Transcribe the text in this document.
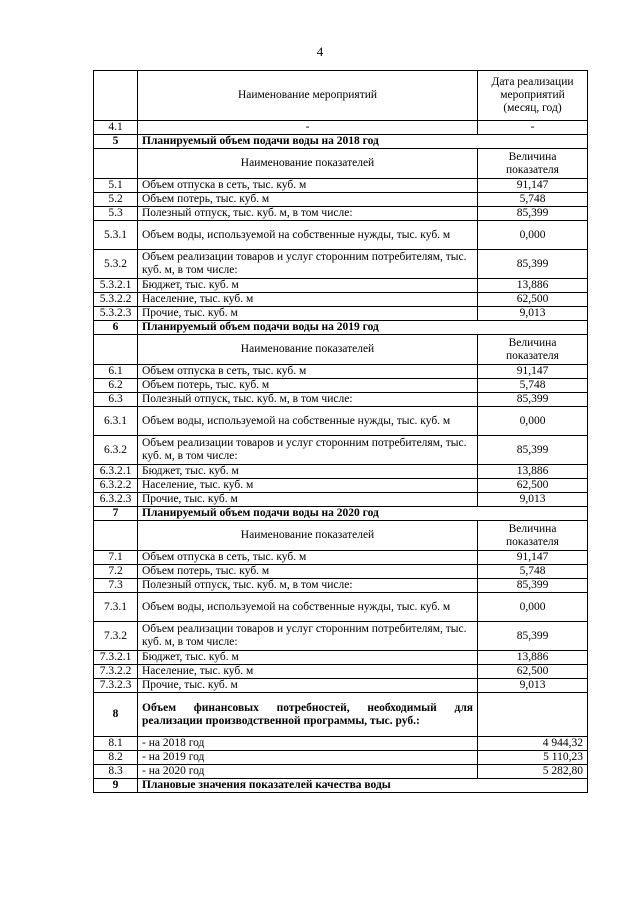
4
	Наименование мероприятий	Дата реализации мероприятий (месяц, год)
4.1	-	-
5	Планируемый объем подачи воды на 2018 год	
	Наименование показателей	Величина показателя
5.1	Объем отпуска в сеть, тыс. куб. м	91,147
5.2	Объем потерь, тыс. куб. м	5,748
5.3	Полезный отпуск, тыс. куб. м, в том числе:	85,399
5.3.1	Объем воды, используемой на собственные нужды, тыс. куб. м	0,000
5.3.2	Объем реализации товаров и услуг сторонним потребителям, тыс. куб. м, в том числе:	85,399
5.3.2.1	Бюджет, тыс. куб. м	13,886
5.3.2.2	Население, тыс. куб. м	62,500
5.3.2.3	Прочие, тыс. куб. м	9,013
6	Планируемый объем подачи воды на 2019 год	
	Наименование показателей	Величина показателя
6.1	Объем отпуска в сеть, тыс. куб. м	91,147
6.2	Объем потерь, тыс. куб. м	5,748
6.3	Полезный отпуск, тыс. куб. м, в том числе:	85,399
6.3.1	Объем воды, используемой на собственные нужды, тыс. куб. м	0,000
6.3.2	Объем реализации товаров и услуг сторонним потребителям, тыс. куб. м, в том числе:	85,399
6.3.2.1	Бюджет, тыс. куб. м	13,886
6.3.2.2	Население, тыс. куб. м	62,500
6.3.2.3	Прочие, тыс. куб. м	9,013
7	Планируемый объем подачи воды на 2020 год	
	Наименование показателей	Величина показателя
7.1	Объем отпуска в сеть, тыс. куб. м	91,147
7.2	Объем потерь, тыс. куб. м	5,748
7.3	Полезный отпуск, тыс. куб. м, в том числе:	85,399
7.3.1	Объем воды, используемой на собственные нужды, тыс. куб. м	0,000
7.3.2	Объем реализации товаров и услуг сторонним потребителям, тыс. куб. м, в том числе:	85,399
7.3.2.1	Бюджет, тыс. куб. м	13,886
7.3.2.2	Население, тыс. куб. м	62,500
7.3.2.3	Прочие, тыс. куб. м	9,013
8	Объем финансовых потребностей, необходимый для реализации производственной программы, тыс. руб.:	
8.1	- на 2018 год	4 944,32
8.2	- на 2019 год	5 110,23
8.3	- на 2020 год	5 282,80
9	Плановые значения показателей качества воды	
